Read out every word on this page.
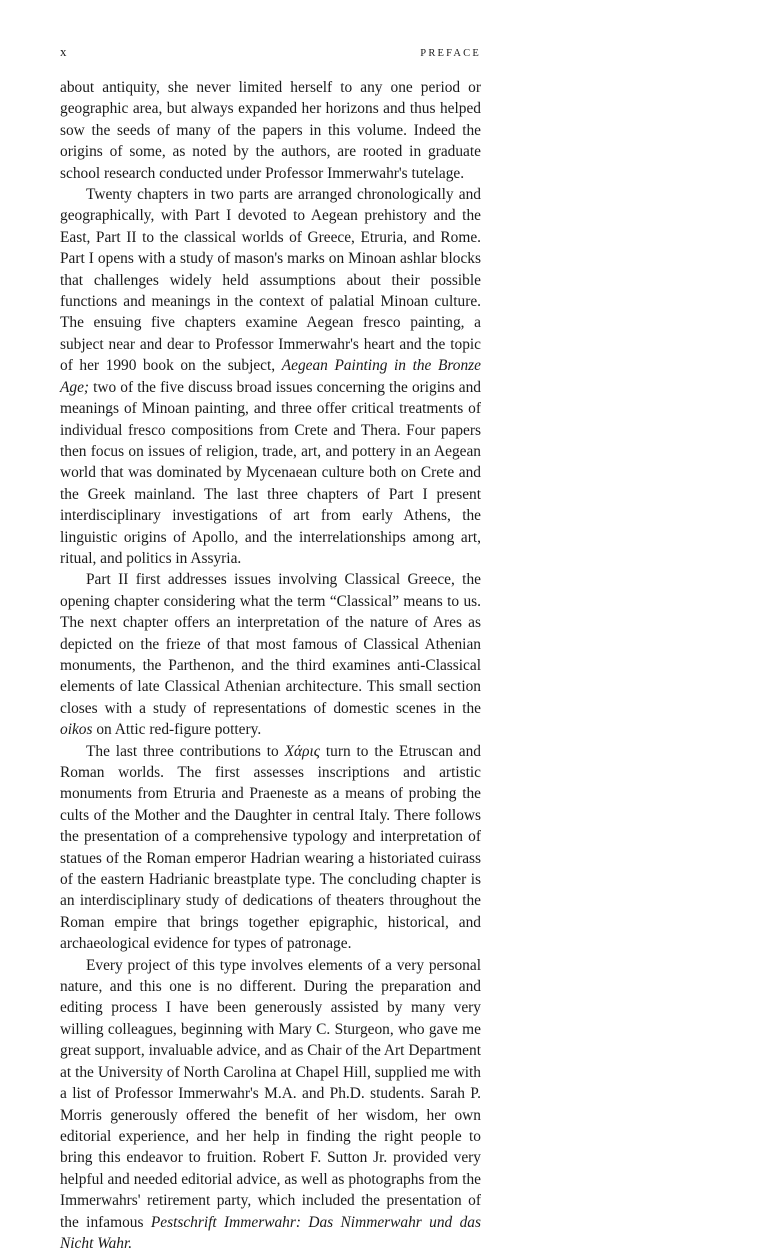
x	PREFACE

about antiquity, she never limited herself to any one period or geographic area, but always expanded her horizons and thus helped sow the seeds of many of the papers in this volume. Indeed the origins of some, as noted by the authors, are rooted in graduate school research conducted under Professor Immerwahr's tutelage.

Twenty chapters in two parts are arranged chronologically and geographically, with Part I devoted to Aegean prehistory and the East, Part II to the classical worlds of Greece, Etruria, and Rome. Part I opens with a study of mason's marks on Minoan ashlar blocks that challenges widely held assumptions about their possible functions and meanings in the context of palatial Minoan culture. The ensuing five chapters examine Aegean fresco painting, a subject near and dear to Professor Immerwahr's heart and the topic of her 1990 book on the subject, Aegean Painting in the Bronze Age; two of the five discuss broad issues concerning the origins and meanings of Minoan painting, and three offer critical treatments of individual fresco compositions from Crete and Thera. Four papers then focus on issues of religion, trade, art, and pottery in an Aegean world that was dominated by Mycenaean culture both on Crete and the Greek mainland. The last three chapters of Part I present interdisciplinary investigations of art from early Athens, the linguistic origins of Apollo, and the interrelationships among art, ritual, and politics in Assyria.

Part II first addresses issues involving Classical Greece, the opening chapter considering what the term “Classical” means to us. The next chapter offers an interpretation of the nature of Ares as depicted on the frieze of that most famous of Classical Athenian monuments, the Parthenon, and the third examines anti-Classical elements of late Classical Athenian architecture. This small section closes with a study of representations of domestic scenes in the oikos on Attic red-figure pottery.

The last three contributions to Χάρις turn to the Etruscan and Roman worlds. The first assesses inscriptions and artistic monuments from Etruria and Praeneste as a means of probing the cults of the Mother and the Daughter in central Italy. There follows the presentation of a comprehensive typology and interpretation of statues of the Roman emperor Hadrian wearing a historiated cuirass of the eastern Hadrianic breastplate type. The concluding chapter is an interdisciplinary study of dedications of theaters throughout the Roman empire that brings together epigraphic, historical, and archaeological evidence for types of patronage.

Every project of this type involves elements of a very personal nature, and this one is no different. During the preparation and editing process I have been generously assisted by many very willing colleagues, beginning with Mary C. Sturgeon, who gave me great support, invaluable advice, and as Chair of the Art Department at the University of North Carolina at Chapel Hill, supplied me with a list of Professor Immerwahr's M.A. and Ph.D. students. Sarah P. Morris generously offered the benefit of her wisdom, her own editorial experience, and her help in finding the right people to bring this endeavor to fruition. Robert F. Sutton Jr. provided very helpful and needed editorial advice, as well as photographs from the Immerwahrs' retirement party, which included the presentation of the infamous Pestschrift Immerwahr: Das Nimmerwahr und das Nicht Wahr.
